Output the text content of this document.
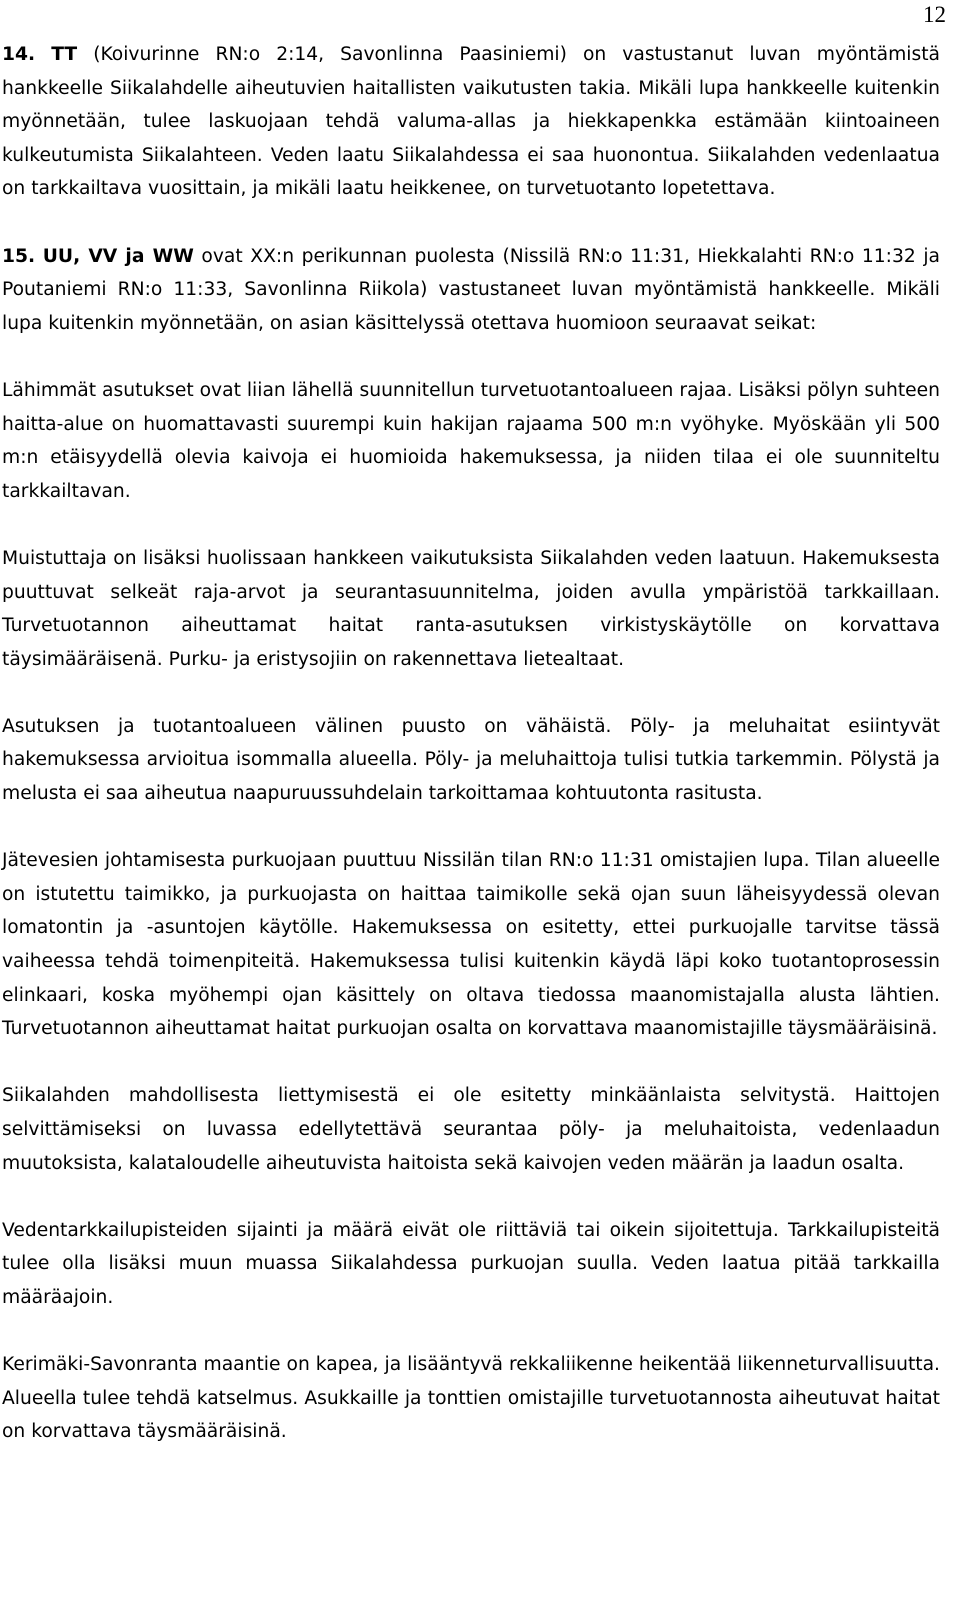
12

14. TT (Koivurinne RN:o 2:14, Savonlinna Paasiniemi) on vastustanut luvan myöntämistä hankkeelle Siikalahdelle aiheutuvien haitallisten vaikutusten takia. Mikäli lupa hankkeelle kuitenkin myönnetään, tulee laskuojaan tehdä valuma-allas ja hiekkapenkka estämään kiintoaineen kulkeutumista Siikalahteen. Veden laatu Siikalahdessa ei saa huonontua. Siikalahden vedenlaatua on tarkkailtava vuosittain, ja mikäli laatu heikkenee, on turvetuotanto lopetettava.

15. UU, VV ja WW ovat XX:n perikunnan puolesta (Nissilä RN:o 11:31, Hiekkalahti RN:o 11:32 ja Poutaniemi RN:o 11:33, Savonlinna Riikola) vastustaneet luvan myöntämistä hankkeelle. Mikäli lupa kuitenkin myönnetään, on asian käsittelyssä otettava huomioon seuraavat seikat:

Lähimmät asutukset ovat liian lähellä suunnitellun turvetuotantoalueen rajaa. Lisäksi pölyn suhteen haitta-alue on huomattavasti suurempi kuin hakijan rajaama 500 m:n vyöhyke. Myöskään yli 500 m:n etäisyydellä olevia kaivoja ei huomioida hakemuksessa, ja niiden tilaa ei ole suunniteltu tarkkailtavan.

Muistuttaja on lisäksi huolissaan hankkeen vaikutuksista Siikalahden veden laatuun. Hakemuksesta puuttuvat selkeät raja-arvot ja seurantasuunnitelma, joiden avulla ympäristöä tarkkaillaan. Turvetuotannon aiheuttamat haitat ranta-asutuksen virkistyskäytölle on korvattava täysimääräisenä. Purku- ja eristysojiin on rakennettava lietealtaat.

Asutuksen ja tuotantoalueen välinen puusto on vähäistä. Pöly- ja meluhaitat esiintyvät hakemuksessa arvioitua isommalla alueella. Pöly- ja meluhaittoja tulisi tutkia tarkemmin. Pölystä ja melusta ei saa aiheutua naapuruussuhdelain tarkoittamaa kohtuutonta rasitusta.

Jätevesien johtamisesta purkuojaan puuttuu Nissilän tilan RN:o 11:31 omistajien lupa. Tilan alueelle on istutettu taimikko, ja purkuojasta on haittaa taimikolle sekä ojan suun läheisyydessä olevan lomatontin ja -asuntojen käytölle. Hakemuksessa on esitetty, ettei purkuojalle tarvitse tässä vaiheessa tehdä toimenpiteitä. Hakemuksessa tulisi kuitenkin käydä läpi koko tuotantoprosessin elinkaari, koska myöhempi ojan käsittely on oltava tiedossa maanomistajalla alusta lähtien. Turvetuotannon aiheuttamat haitat purkuojan osalta on korvattava maanomistajille täysmääräisinä.

Siikalahden mahdollisesta liettymisestä ei ole esitetty minkäänlaista selvitystä. Haittojen selvittämiseksi on luvassa edellytettävä seurantaa pöly- ja meluhaitoista, vedenlaadun muutoksista, kalataloudelle aiheutuvista haitoista sekä kaivojen veden määrän ja laadun osalta.

Vedentarkkailupisteiden sijainti ja määrä eivät ole riittäviä tai oikein sijoitettuja. Tarkkailupisteitä tulee olla lisäksi muun muassa Siikalahdessa purkuojan suulla. Veden laatua pitää tarkkailla määräajoin.

Kerimäki-Savonranta maantie on kapea, ja lisääntyvä rekkaliikenne heikentää liikenneturvallisuutta. Alueella tulee tehdä katselmus. Asukkaille ja tonttien omistajille turvetuotannosta aiheutuvat haitat on korvattava täysmääräisinä.
